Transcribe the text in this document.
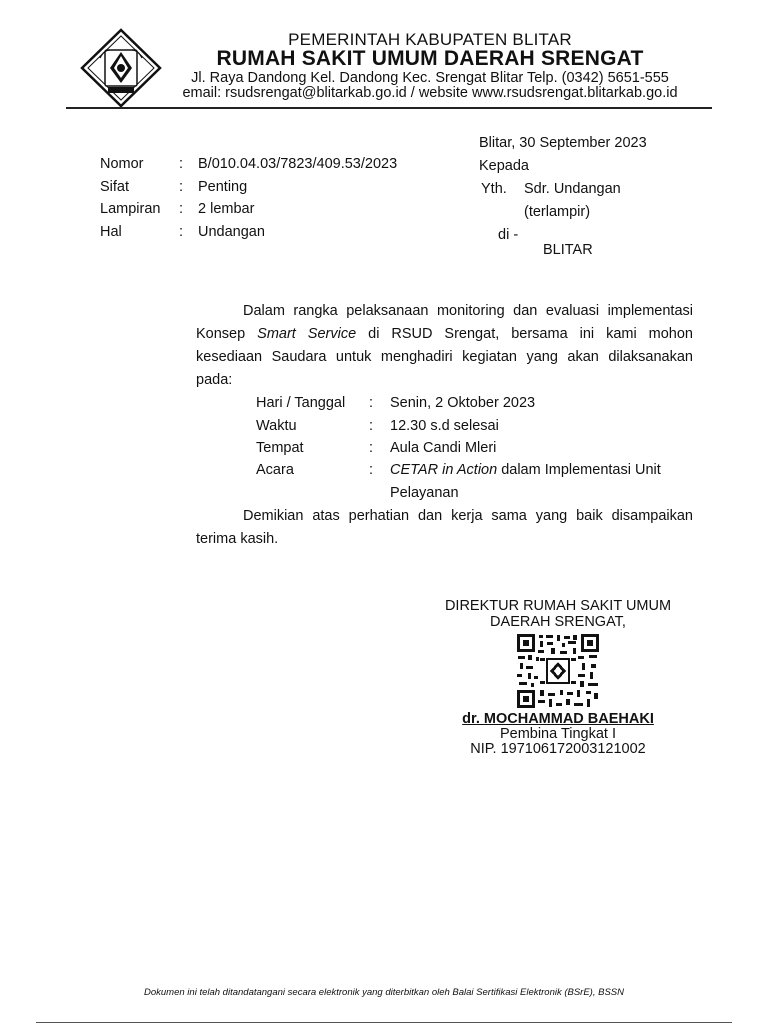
PEMERINTAH KABUPATEN BLITAR
RUMAH SAKIT UMUM DAERAH SRENGAT
Jl. Raya Dandong Kel. Dandong Kec. Srengat Blitar Telp. (0342) 5651-555
email: rsudsrengat@blitarkab.go.id / website www.rsudsrengat.blitarkab.go.id
Blitar, 30 September 2023
Kepada
Yth. Sdr. Undangan
(terlampir)
di -
BLITAR
Nomor : B/010.04.03/7823/409.53/2023
Sifat	: Penting
Lampiran : 2 lembar
Hal	: Undangan
Dalam rangka pelaksanaan monitoring dan evaluasi implementasi
Konsep Smart Service di RSUD Srengat, bersama ini kami mohon
kesediaan Saudara untuk menghadiri kegiatan yang akan dilaksanakan
pada:
Hari / Tanggal : Senin, 2 Oktober 2023
Waktu	: 12.30 s.d selesai
Tempat	: Aula Candi Mleri
Acara	: CETAR in Action dalam Implementasi Unit
Pelayanan
Demikian atas perhatian dan kerja sama yang baik disampaikan
terima kasih.
DIREKTUR RUMAH SAKIT UMUM
DAERAH SRENGAT,
dr. MOCHAMMAD BAEHAKI
Pembina Tingkat I
NIP. 197106172003121002
Dokumen ini telah ditandatangani secara elektronik yang diterbitkan oleh Balai Sertifikasi Elektronik (BSrE), BSSN
